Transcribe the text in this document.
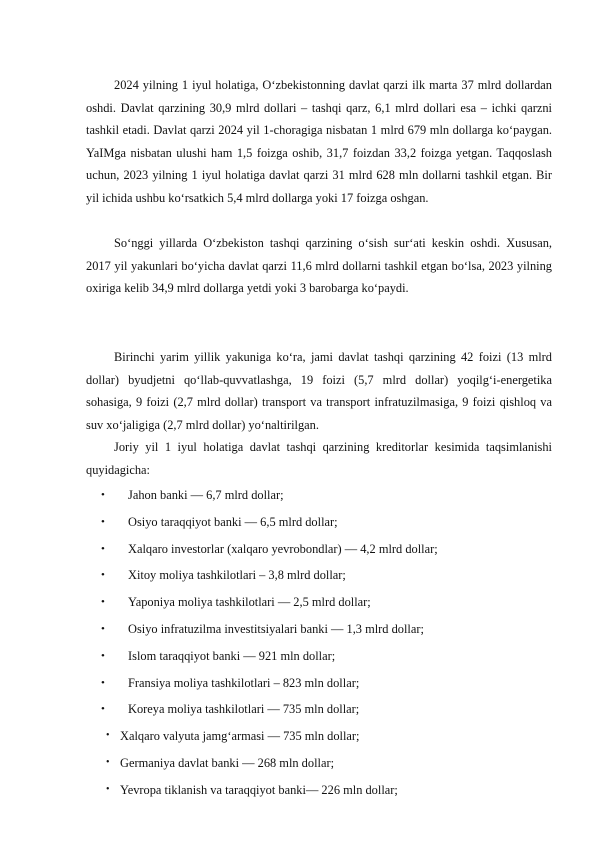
2024 yilning 1 iyul holatiga, O‘zbekistonning davlat qarzi ilk marta 37 mlrd dollardan oshdi. Davlat qarzining 30,9 mlrd dollari – tashqi qarz, 6,1 mlrd dollari esa – ichki qarzni tashkil etadi. Davlat qarzi 2024 yil 1-choragiga nisbatan 1 mlrd 679 mln dollarga ko‘paygan. YaIMga nisbatan ulushi ham 1,5 foizga oshib, 31,7 foizdan 33,2 foizga yetgan. Taqqoslash uchun, 2023 yilning 1 iyul holatiga davlat qarzi 31 mlrd 628 mln dollarni tashkil etgan. Bir yil ichida ushbu ko‘rsatkich 5,4 mlrd dollarga yoki 17 foizga oshgan.

So‘nggi yillarda O‘zbekiston tashqi qarzining o‘sish sur‘ati keskin oshdi. Xususan, 2017 yil yakunlari bo‘yicha davlat qarzi 11,6 mlrd dollarni tashkil etgan bo‘lsa, 2023 yilning oxiriga kelib 34,9 mlrd dollarga yetdi yoki 3 barobarga ko‘paydi.

Birinchi yarim yillik yakuniga ko‘ra, jami davlat tashqi qarzining 42 foizi (13 mlrd dollar) byudjetni qo‘llab-quvvatlashga, 19 foizi (5,7 mlrd dollar) yoqilg‘i-energetika sohasiga, 9 foizi (2,7 mlrd dollar) transport va transport infratuzilmasiga, 9 foizi qishloq va suv xo‘jaligiga (2,7 mlrd dollar) yo‘naltirilgan.

Joriy yil 1 iyul holatiga davlat tashqi qarzining kreditorlar kesimida taqsimlanishi quyidagicha:

• Jahon banki — 6,7 mlrd dollar;
• Osiyo taraqqiyot banki — 6,5 mlrd dollar;
• Xalqaro investorlar (xalqaro yevrobondlar) — 4,2 mlrd dollar;
• Xitoy moliya tashkilotlari – 3,8 mlrd dollar;
• Yaponiya moliya tashkilotlari — 2,5 mlrd dollar;
• Osiyo infratuzilma investitsiyalari banki — 1,3 mlrd dollar;
• Islom taraqqiyot banki — 921 mln dollar;
• Fransiya moliya tashkilotlari – 823 mln dollar;
• Koreya moliya tashkilotlari — 735 mln dollar;
• Xalqaro valyuta jamg‘armasi — 735 mln dollar;
• Germaniya davlat banki — 268 mln dollar;
• Yevropa tiklanish va taraqqiyot banki— 226 mln dollar;
